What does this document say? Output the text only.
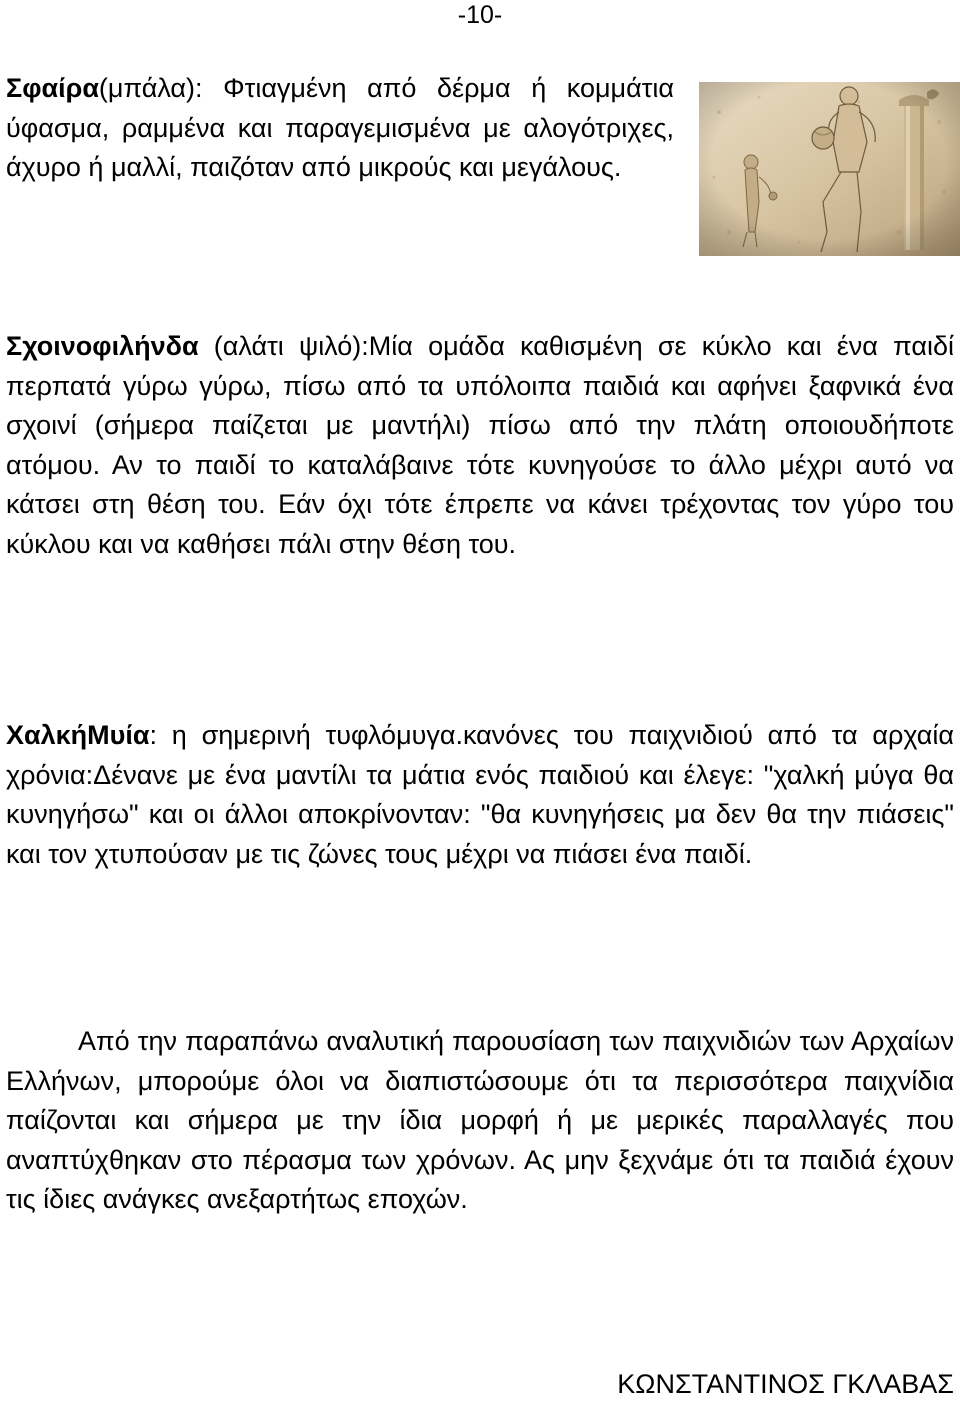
-10-

Σφαίρα(μπάλα): Φτιαγμένη από δέρμα ή κομμάτια ύφασμα, ραμμένα και παραγεμισμένα με αλογότριχες, άχυρο ή μαλλί, παιζόταν από μικρούς και μεγάλους.

Σχοινοφιλήνδα (αλάτι ψιλό):Μία ομάδα καθισμένη σε κύκλο και ένα παιδί περπατά γύρω γύρω, πίσω από τα υπόλοιπα παιδιά και αφήνει ξαφνικά ένα σχοινί (σήμερα παίζεται με μαντήλι) πίσω από την πλάτη οποιουδήποτε ατόμου. Αν το παιδί το καταλάβαινε τότε κυνηγούσε το άλλο μέχρι αυτό να κάτσει στη θέση του. Εάν όχι τότε έπρεπε να κάνει τρέχοντας τον γύρο του κύκλου και να καθήσει πάλι στην θέση του.

ΧαλκήΜυία: η σημερινή τυφλόμυγα.κανόνες του παιχνιδιού από τα αρχαία χρόνια:Δένανε με ένα μαντίλι τα μάτια ενός παιδιού και έλεγε: "χαλκή μύγα θα κυνηγήσω" και οι άλλοι αποκρίνονταν: "θα κυνηγήσεις μα δεν θα την πιάσεις" και τον χτυπούσαν με τις ζώνες τους μέχρι να πιάσει ένα παιδί.

Από την παραπάνω αναλυτική παρουσίαση των παιχνιδιών των Αρχαίων Ελλήνων, μπορούμε όλοι να διαπιστώσουμε ότι τα περισσότερα παιχνίδια παίζονται και σήμερα με την ίδια μορφή ή με μερικές παραλλαγές που αναπτύχθηκαν στο πέρασμα των χρόνων. Ας μην ξεχνάμε ότι τα παιδιά έχουν τις ίδιες ανάγκες ανεξαρτήτως εποχών.

ΚΩΝΣΤΑΝΤΙΝΟΣ ΓΚΛΑΒΑΣ
